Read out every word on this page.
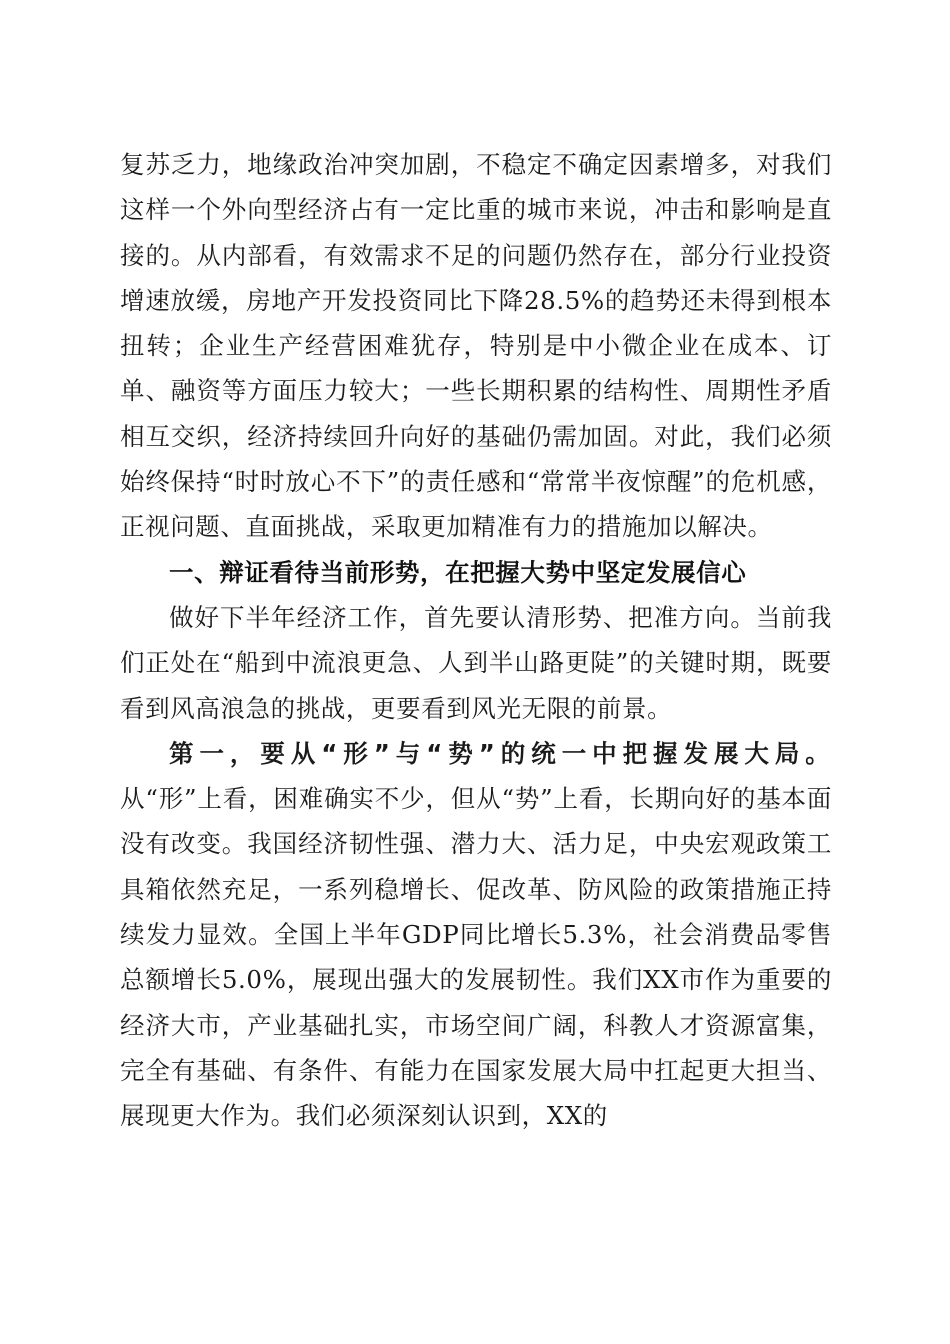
复苏乏力，地缘政治冲突加剧，不稳定不确定因素增多，对我们这样一个外向型经济占有一定比重的城市来说，冲击和影响是直接的。从内部看，有效需求不足的问题仍然存在，部分行业投资增速放缓，房地产开发投资同比下降28.5%的趋势还未得到根本扭转；企业生产经营困难犹存，特别是中小微企业在成本、订单、融资等方面压力较大；一些长期积累的结构性、周期性矛盾相互交织，经济持续回升向好的基础仍需加固。对此，我们必须始终保持“时时放心不下”的责任感和“常常半夜惊醒”的危机感，正视问题、直面挑战，采取更加精准有力的措施加以解决。

一、辩证看待当前形势，在把握大势中坚定发展信心

做好下半年经济工作，首先要认清形势、把准方向。当前我们正处在“船到中流浪更急、人到半山路更陡”的关键时期，既要看到风高浪急的挑战，更要看到风光无限的前景。

第一，要从“形”与“势”的统一中把握发展大局。从“形”上看，困难确实不少，但从“势”上看，长期向好的基本面没有改变。我国经济韧性强、潜力大、活力足，中央宏观政策工具箱依然充足，一系列稳增长、促改革、防风险的政策措施正持续发力显效。全国上半年GDP同比增长5.3%，社会消费品零售总额增长5.0%，展现出强大的发展韧性。我们XX市作为重要的经济大市，产业基础扎实，市场空间广阔，科教人才资源富集，完全有基础、有条件、有能力在国家发展大局中扛起更大担当、展现更大作为。我们必须深刻认识到，XX的
